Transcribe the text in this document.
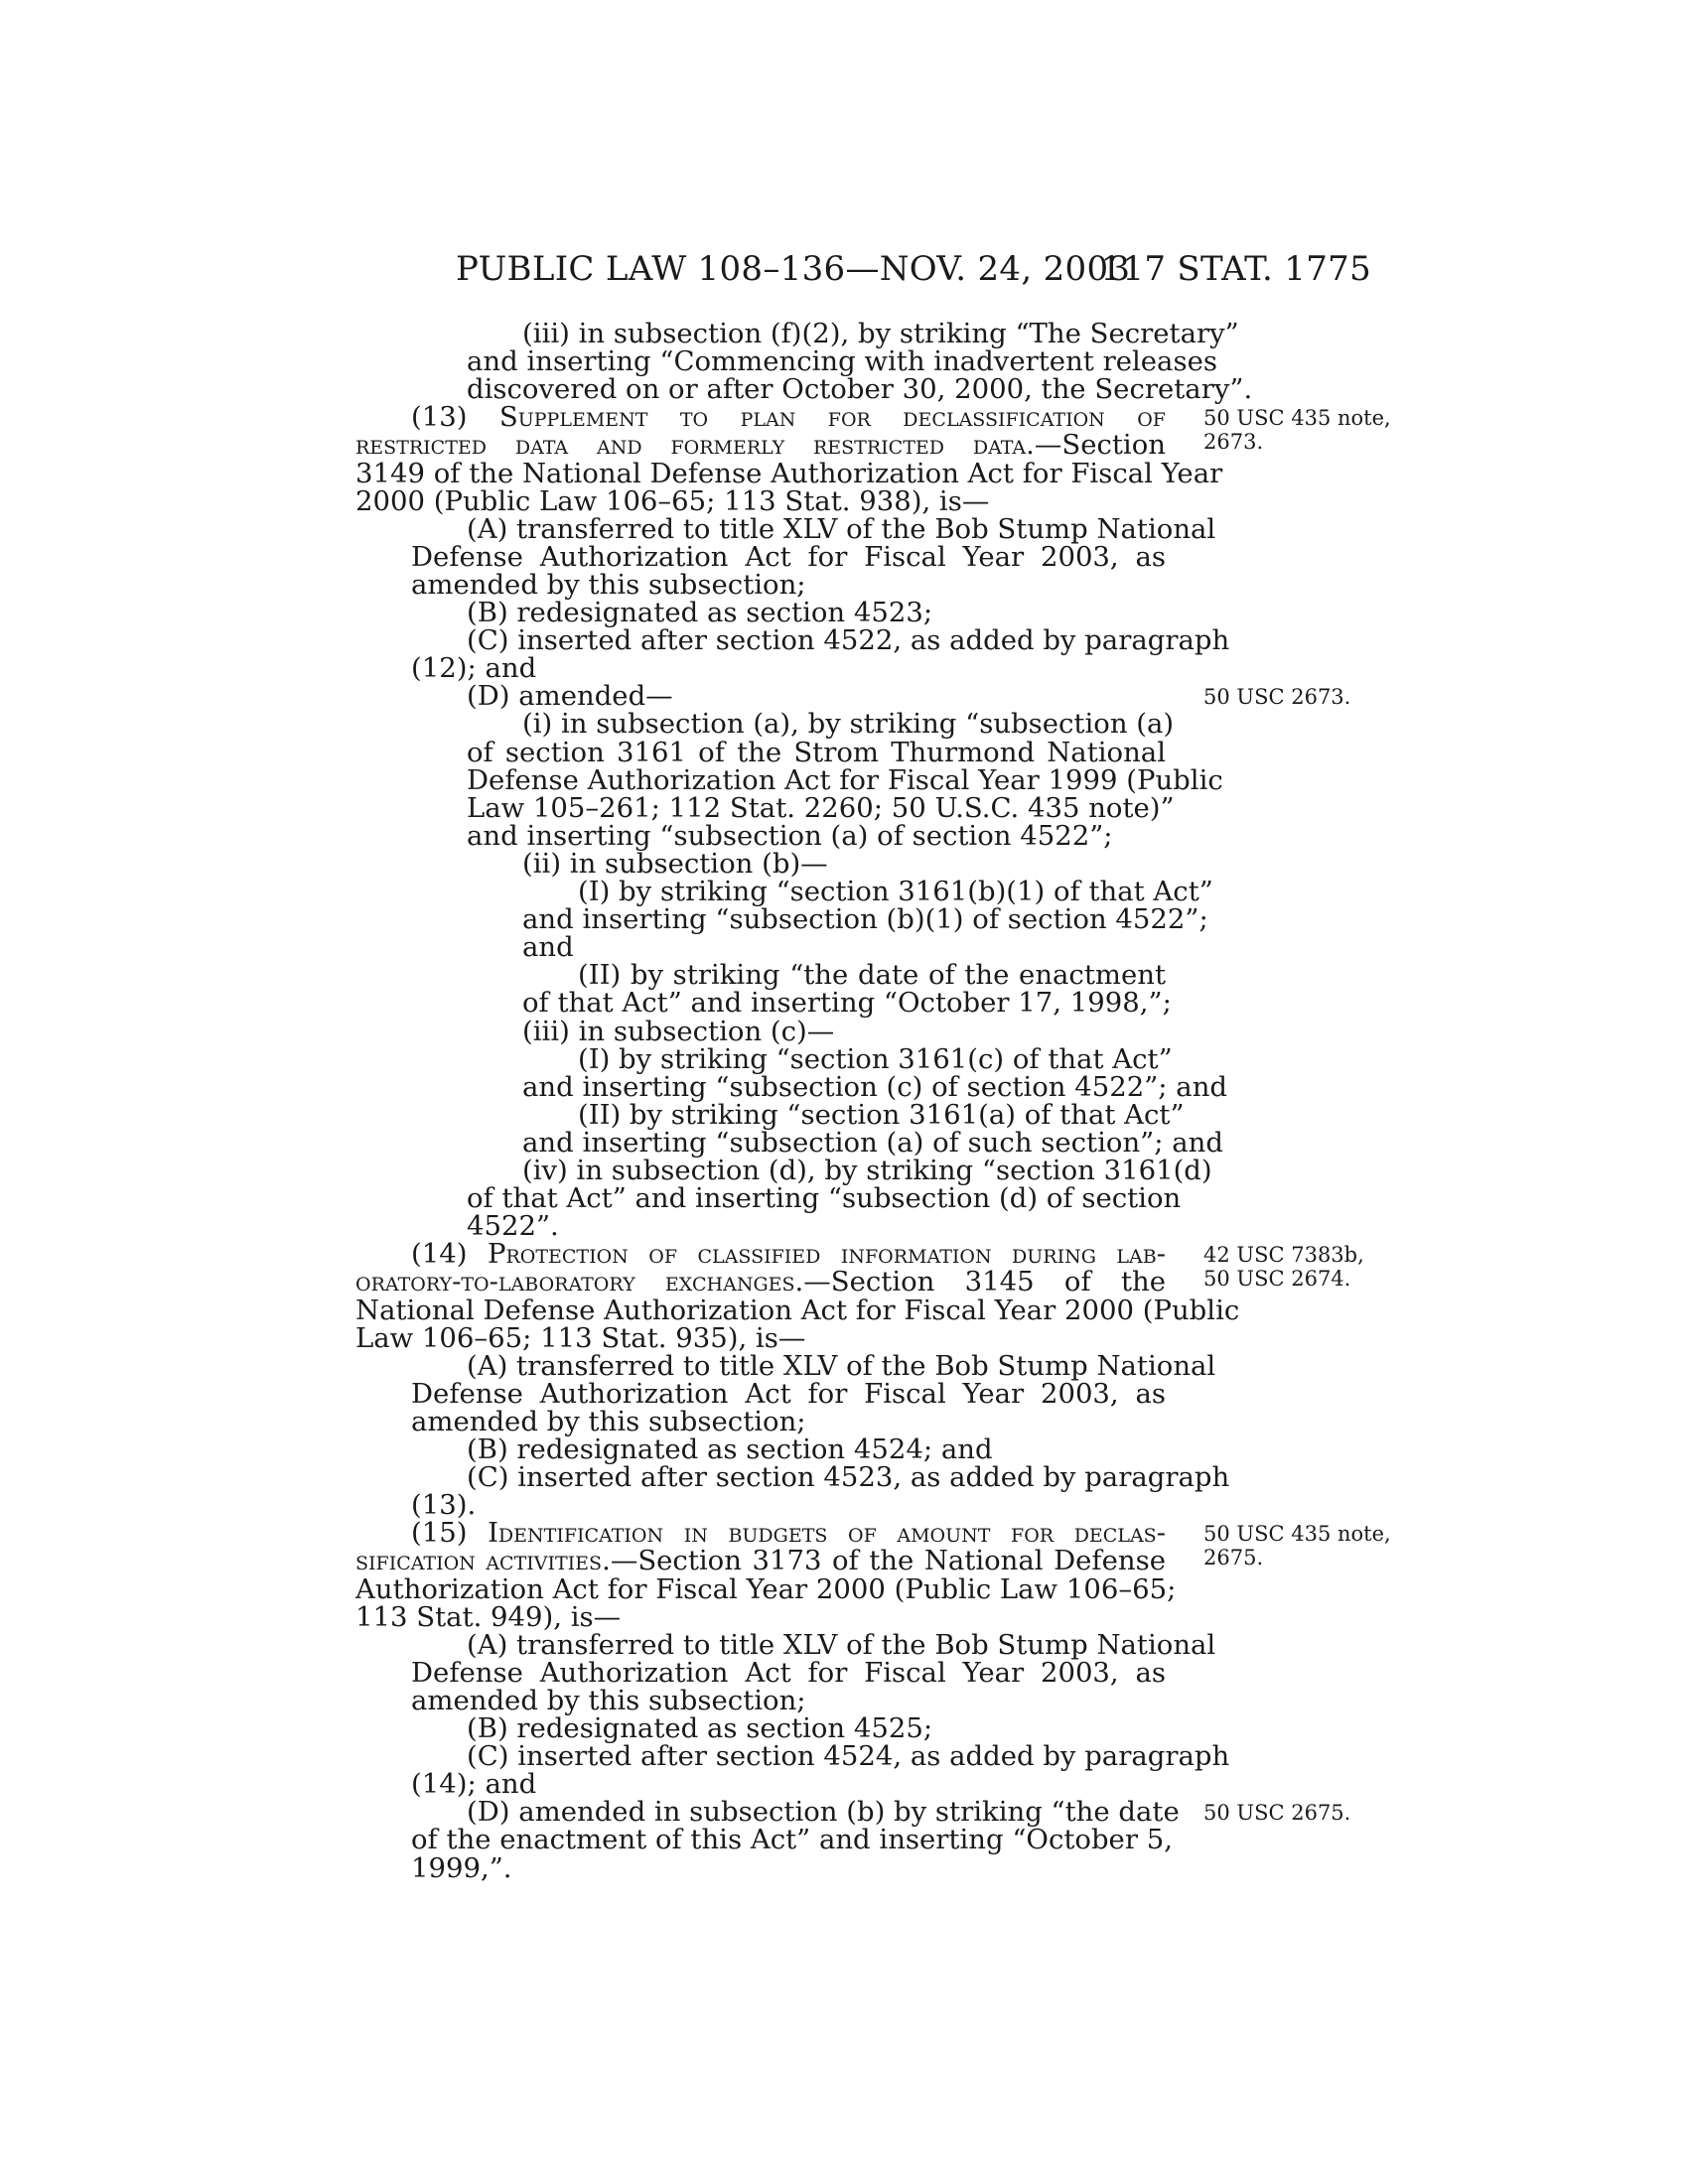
PUBLIC LAW 108–136—NOV. 24, 2003
117 STAT. 1775
(iii) in subsection (f)(2), by striking “The Secretary”
and inserting “Commencing with inadvertent releases
discovered on or after October 30, 2000, the Secretary”.
(13) Supplement to plan for declassification of
restricted data and formerly restricted data.—Section
3149 of the National Defense Authorization Act for Fiscal Year
2000 (Public Law 106–65; 113 Stat. 938), is—
(A) transferred to title XLV of the Bob Stump National
Defense Authorization Act for Fiscal Year 2003, as
amended by this subsection;
(B) redesignated as section 4523;
(C) inserted after section 4522, as added by paragraph
(12); and
(D) amended—
(i) in subsection (a), by striking “subsection (a)
of section 3161 of the Strom Thurmond National
Defense Authorization Act for Fiscal Year 1999 (Public
Law 105–261; 112 Stat. 2260; 50 U.S.C. 435 note)”
and inserting “subsection (a) of section 4522”;
(ii) in subsection (b)—
(I) by striking “section 3161(b)(1) of that Act”
and inserting “subsection (b)(1) of section 4522”;
and
(II) by striking “the date of the enactment
of that Act” and inserting “October 17, 1998,”;
(iii) in subsection (c)—
(I) by striking “section 3161(c) of that Act”
and inserting “subsection (c) of section 4522”; and
(II) by striking “section 3161(a) of that Act”
and inserting “subsection (a) of such section”; and
(iv) in subsection (d), by striking “section 3161(d)
of that Act” and inserting “subsection (d) of section
4522”.
(14) Protection of classified information during lab-
oratory-to-laboratory exchanges.—Section 3145 of the
National Defense Authorization Act for Fiscal Year 2000 (Public
Law 106–65; 113 Stat. 935), is—
(A) transferred to title XLV of the Bob Stump National
Defense Authorization Act for Fiscal Year 2003, as
amended by this subsection;
(B) redesignated as section 4524; and
(C) inserted after section 4523, as added by paragraph
(13).
(15) Identification in budgets of amount for declas-
sification activities.—Section 3173 of the National Defense
Authorization Act for Fiscal Year 2000 (Public Law 106–65;
113 Stat. 949), is—
(A) transferred to title XLV of the Bob Stump National
Defense Authorization Act for Fiscal Year 2003, as
amended by this subsection;
(B) redesignated as section 4525;
(C) inserted after section 4524, as added by paragraph
(14); and
(D) amended in subsection (b) by striking “the date
of the enactment of this Act” and inserting “October 5,
1999,”.
50 USC 435 note,
2673.
50 USC 2673.
42 USC 7383b,
50 USC 2674.
50 USC 435 note,
2675.
50 USC 2675.
